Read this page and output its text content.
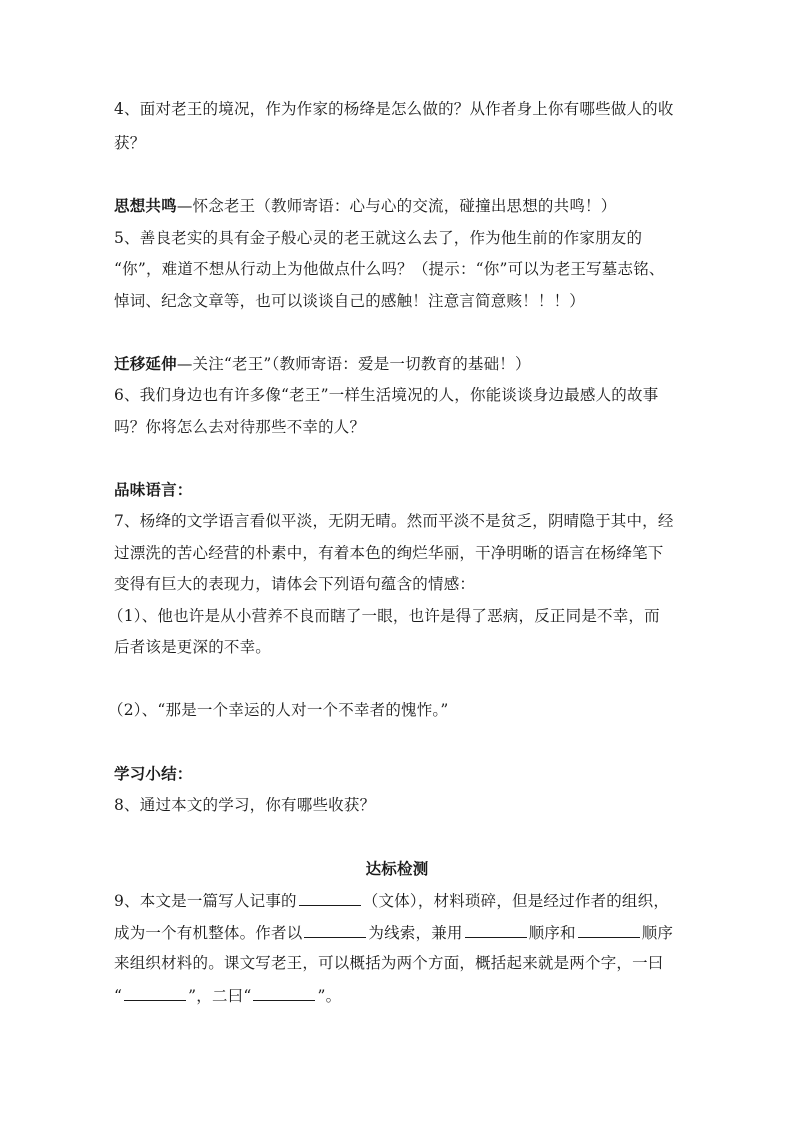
4、面对老王的境况，作为作家的杨绛是怎么做的？从作者身上你有哪些做人的收
获？
思想共鸣—怀念老王（教师寄语：心与心的交流，碰撞出思想的共鸣！）
5、善良老实的具有金子般心灵的老王就这么去了，作为他生前的作家朋友的
“你”，难道不想从行动上为他做点什么吗？（提示：“你”可以为老王写墓志铭、
悼词、纪念文章等，也可以谈谈自己的感触！注意言简意赅！！！）
迁移延伸—关注“老王”（教师寄语：爱是一切教育的基础！）
6、我们身边也有许多像“老王”一样生活境况的人，你能谈谈身边最感人的故事
吗？你将怎么去对待那些不幸的人？
品味语言：
7、杨绛的文学语言看似平淡，无阴无晴。然而平淡不是贫乏，阴晴隐于其中，经
过漂洗的苦心经营的朴素中，有着本色的绚烂华丽，干净明晰的语言在杨绛笔下
变得有巨大的表现力，请体会下列语句蕴含的情感：
（1）、他也许是从小营养不良而瞎了一眼，也许是得了恶病，反正同是不幸，而
后者该是更深的不幸。
（2）、“那是一个幸运的人对一个不幸者的愧怍。”
学习小结：
8、通过本文的学习，你有哪些收获？
达标检测
9、本文是一篇写人记事的	（文体），材料琐碎，但是经过作者的组织，
成为一个有机整体。作者以	为线索，兼用	顺序和	顺序
来组织材料的。课文写老王，可以概括为两个方面，概括起来就是两个字，一曰
“	”，二曰“	”。
